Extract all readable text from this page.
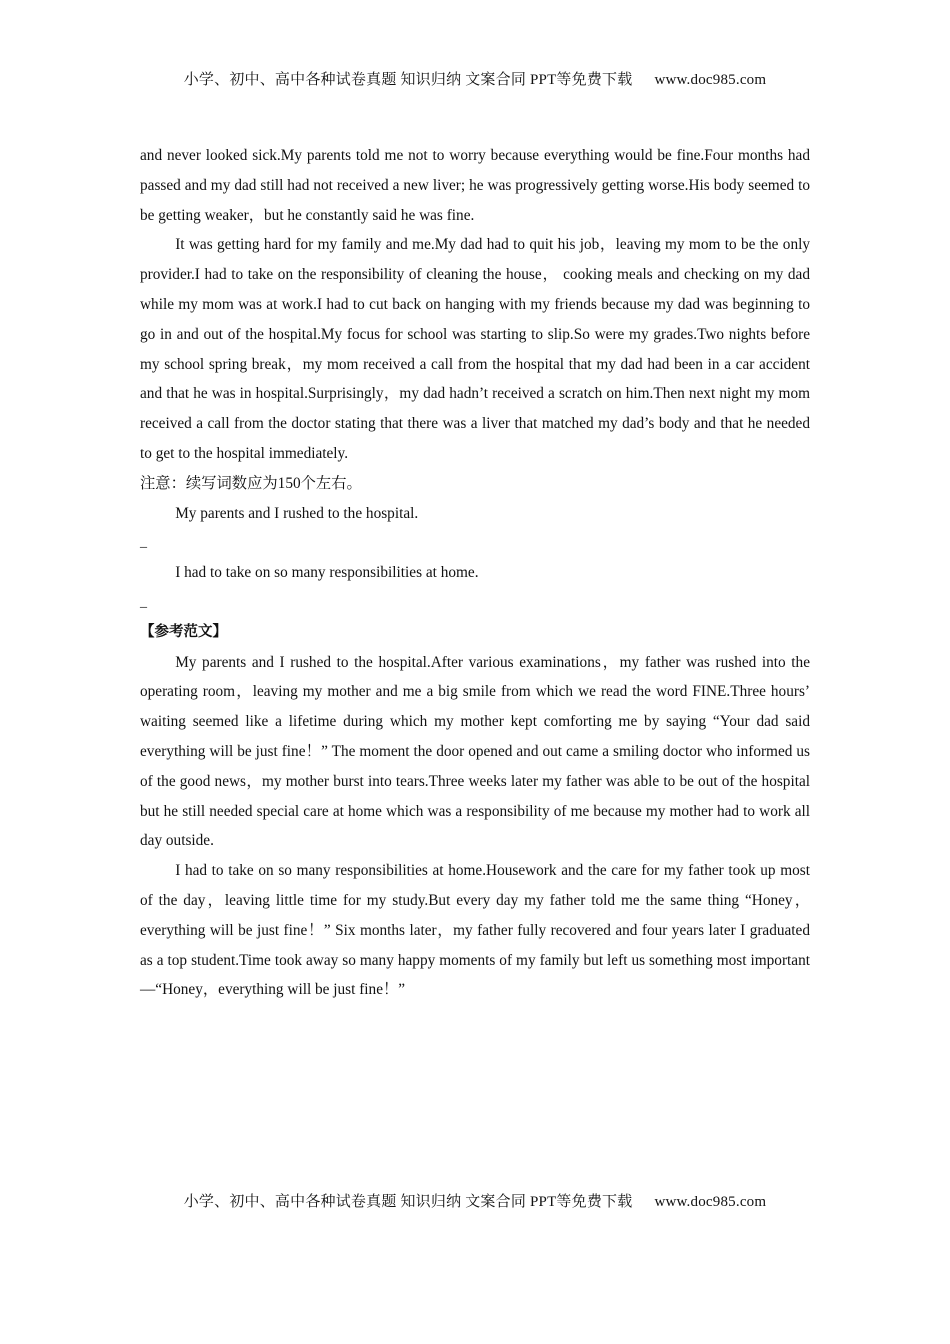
小学、初中、高中各种试卷真题 知识归纳 文案合同 PPT等免费下载 www.doc985.com

and never looked sick.My parents told me not to worry because everything would be fine.Four months had passed and my dad still had not received a new liver; he was progressively getting worse.His body seemed to be getting weaker，but he constantly said he was fine.

It was getting hard for my family and me.My dad had to quit his job，leaving my mom to be the only provider.I had to take on the responsibility of cleaning the house， cooking meals and checking on my dad while my mom was at work.I had to cut back on hanging with my friends because my dad was beginning to go in and out of the hospital.My focus for school was starting to slip.So were my grades.Two nights before my school spring break，my mom received a call from the hospital that my dad had been in a car accident and that he was in hospital.Surprisingly，my dad hadn’t received a scratch on him.Then next night my mom received a call from the doctor stating that there was a liver that matched my dad’s body and that he needed to get to the hospital immediately.

注意：续写词数应为150个左右。

My parents and I rushed to the hospital.

_

I had to take on so many responsibilities at home.

_

【参考范文】

My parents and I rushed to the hospital.After various examinations，my father was rushed into the operating room，leaving my mother and me a big smile from which we read the word FINE.Three hours’ waiting seemed like a lifetime during which my mother kept comforting me by saying “Your dad said everything will be just fine！” The moment the door opened and out came a smiling doctor who informed us of the good news，my mother burst into tears.Three weeks later my father was able to be out of the hospital but he still needed special care at home which was a responsibility of me because my mother had to work all day outside.

I had to take on so many responsibilities at home.Housework and the care for my father took up most of the day，leaving little time for my study.But every day my father told me the same thing “Honey，everything will be just fine！” Six months later，my father fully recovered and four years later I graduated as a top student.Time took away so many happy moments of my family but left us something most important—“Honey，everything will be just fine！”

小学、初中、高中各种试卷真题 知识归纳 文案合同 PPT等免费下载 www.doc985.com
